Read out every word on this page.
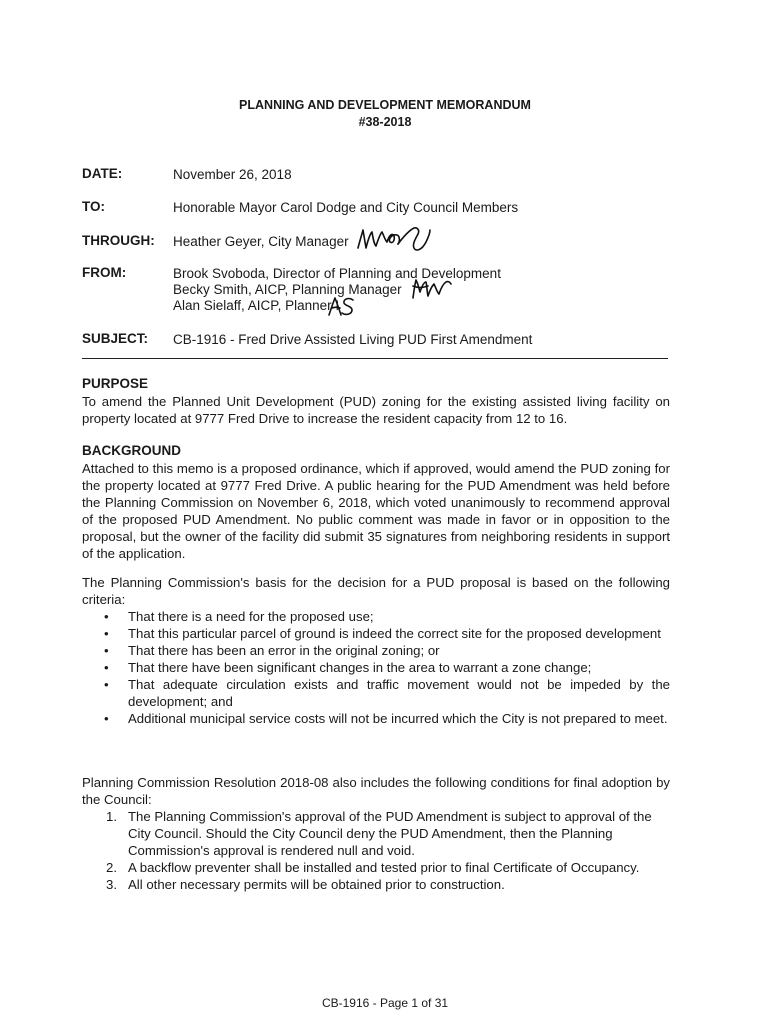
PLANNING AND DEVELOPMENT MEMORANDUM
#38-2018
DATE:	November 26, 2018
TO:	Honorable Mayor Carol Dodge and City Council Members
THROUGH: Heather Geyer, City Manager
FROM:	Brook Svoboda, Director of Planning and Development
Becky Smith, AICP, Planning Manager
Alan Sielaff, AICP, Planner I
SUBJECT: CB-1916 - Fred Drive Assisted Living PUD First Amendment
PURPOSE

To amend the Planned Unit Development (PUD) zoning for the existing assisted living facility on property located at 9777 Fred Drive to increase the resident capacity from 12 to 16.

BACKGROUND

Attached to this memo is a proposed ordinance, which if approved, would amend the PUD zoning for the property located at 9777 Fred Drive. A public hearing for the PUD Amendment was held before the Planning Commission on November 6, 2018, which voted unanimously to recommend approval of the proposed PUD Amendment. No public comment was made in favor or in opposition to the proposal, but the owner of the facility did submit 35 signatures from neighboring residents in support of the application.

The Planning Commission's basis for the decision for a PUD proposal is based on the following criteria:

• That there is a need for the proposed use;
• That this particular parcel of ground is indeed the correct site for the proposed development
• That there has been an error in the original zoning; or
• That there have been significant changes in the area to warrant a zone change;
• That adequate circulation exists and traffic movement would not be impeded by the development; and
• Additional municipal service costs will not be incurred which the City is not prepared to meet.

Planning Commission Resolution 2018-08 also includes the following conditions for final adoption by the Council:

1. The Planning Commission's approval of the PUD Amendment is subject to approval of the City Council. Should the City Council deny the PUD Amendment, then the Planning Commission's approval is rendered null and void.
2. A backflow preventer shall be installed and tested prior to final Certificate of Occupancy.
3. All other necessary permits will be obtained prior to construction.
CB-1916 - Page 1 of 31
